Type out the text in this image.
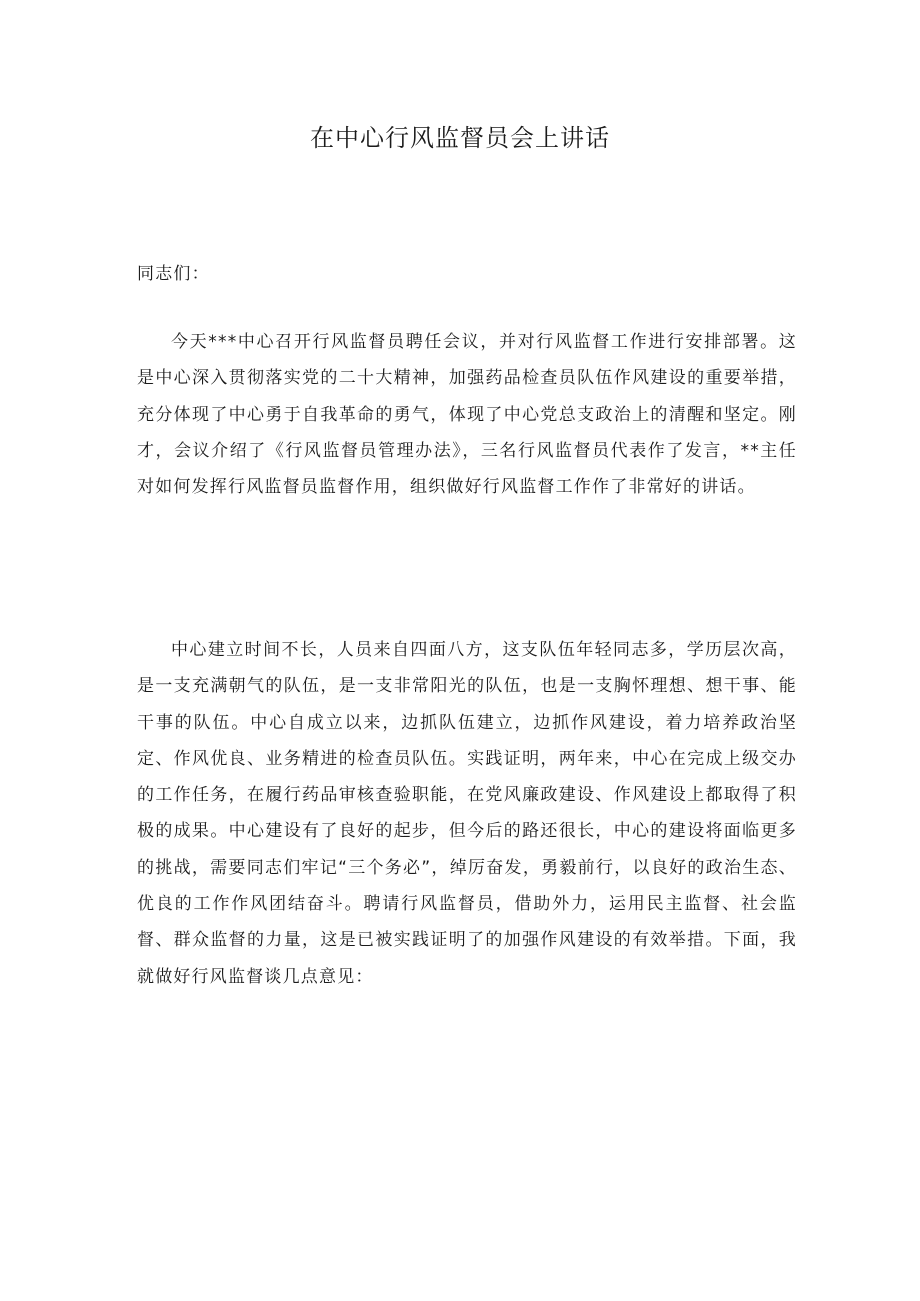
在中心行风监督员会上讲话

同志们：

今天***中心召开行风监督员聘任会议，并对行风监督工作进行安排部署。这是中心深入贯彻落实党的二十大精神，加强药品检查员队伍作风建设的重要举措，充分体现了中心勇于自我革命的勇气，体现了中心党总支政治上的清醒和坚定。刚才，会议介绍了《行风监督员管理办法》，三名行风监督员代表作了发言，**主任对如何发挥行风监督员监督作用，组织做好行风监督工作作了非常好的讲话。

中心建立时间不长，人员来自四面八方，这支队伍年轻同志多，学历层次高，是一支充满朝气的队伍，是一支非常阳光的队伍，也是一支胸怀理想、想干事、能干事的队伍。中心自成立以来，边抓队伍建立，边抓作风建设，着力培养政治坚定、作风优良、业务精进的检查员队伍。实践证明，两年来，中心在完成上级交办的工作任务，在履行药品审核查验职能，在党风廉政建设、作风建设上都取得了积极的成果。中心建设有了良好的起步，但今后的路还很长，中心的建设将面临更多的挑战，需要同志们牢记“三个务必”，绰厉奋发，勇毅前行，以良好的政治生态、优良的工作作风团结奋斗。聘请行风监督员，借助外力，运用民主监督、社会监督、群众监督的力量，这是已被实践证明了的加强作风建设的有效举措。下面，我就做好行风监督谈几点意见：
